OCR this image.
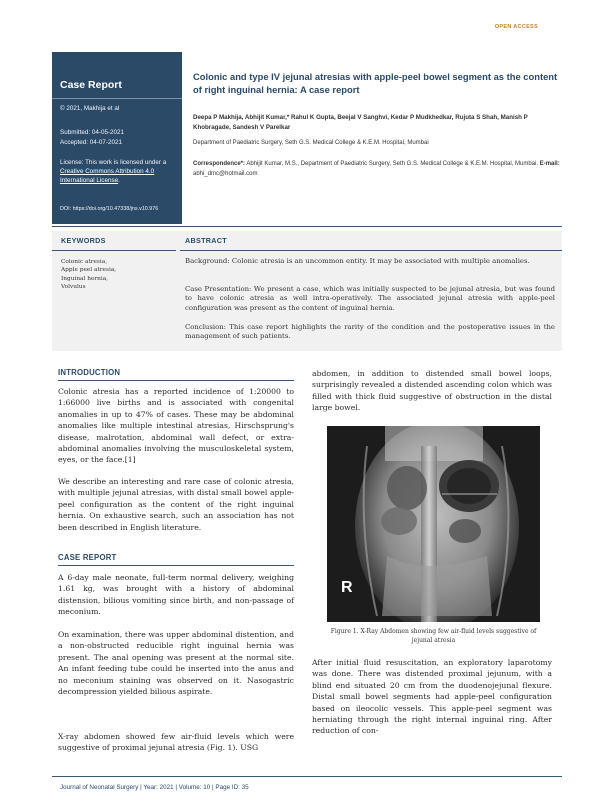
OPEN ACCESS
Case Report
© 2021, Makhija et al
Submitted: 04-05-2021
Accepted: 04-07-2021
License: This work is licensed under a Creative Commons Attribution 4.0 International License.
DOI: https://doi.org/10.47338/jns.v10.976
Colonic and type IV jejunal atresias with apple-peel bowel segment as the content of right inguinal hernia: A case report
Deepa P Makhija, Abhijit Kumar,* Rahul K Gupta, Beejal V Sanghvi, Kedar P Mudkhedkar, Rujuta S Shah, Manish P Khobragade, Sandesh V Parelkar
Department of Paediatric Surgery, Seth G.S. Medical College & K.E.M. Hospital, Mumbai
Correspondence*: Abhijit Kumar, M.S., Department of Paediatric Surgery, Seth G.S. Medical College & K.E.M. Hospital, Mumbai. E-mail: abhi_dmc@hotmail.com
KEYWORDS	ABSTRACT
Colonic atresia,
Apple peel atresia,
Inguinal hernia,
Volvulus
Background: Colonic atresia is an uncommon entity. It may be associated with multiple anomalies.
Case Presentation: We present a case, which was initially suspected to be jejunal atresia, but was found to have colonic atresia as well intra-operatively. The associated jejunal atresia with apple-peel configuration was present as the content of inguinal hernia.
Conclusion: This case report highlights the rarity of the condition and the postoperative issues in the management of such patients.
INTRODUCTION
Colonic atresia has a reported incidence of 1:20000 to 1:66000 live births and is associated with congenital anomalies in up to 47% of cases. These may be abdominal anomalies like multiple intestinal atresias, Hirschsprung's disease, malrotation, abdominal wall defect, or extra-abdominal anomalies involving the musculoskeletal system, eyes, or the face.[1]
We describe an interesting and rare case of colonic atresia, with multiple jejunal atresias, with distal small bowel apple-peel configuration as the content of the right inguinal hernia. On exhaustive search, such an association has not been described in English literature.
CASE REPORT
A 6-day male neonate, full-term normal delivery, weighing 1.61 kg, was brought with a history of abdominal distension, bilious vomiting since birth, and non-passage of meconium.
On examination, there was upper abdominal distention, and a non-obstructed reducible right inguinal hernia was present. The anal opening was present at the normal site. An infant feeding tube could be inserted into the anus and no meconium staining was observed on it. Nasogastric decompression yielded bilious aspirate.
X-ray abdomen showed few air-fluid levels which were suggestive of proximal jejunal atresia (Fig. 1). USG
abdomen, in addition to distended small bowel loops, surprisingly revealed a distended ascending colon which was filled with thick fluid suggestive of obstruction in the distal large bowel.
R
Figure 1. X-Ray Abdomen showing few air-fluid levels suggestive of jejunal atresia
After initial fluid resuscitation, an exploratory laparotomy was done. There was distended proximal jejunum, with a blind end situated 20 cm from the duodenojejunal flexure. Distal small bowel segments had apple-peel configuration based on ileocolic vessels. This apple-peel segment was herniating through the right internal inguinal ring. After reduction of con-
Journal of Neonatal Surgery | Year: 2021 | Volume: 10 | Page ID: 35
